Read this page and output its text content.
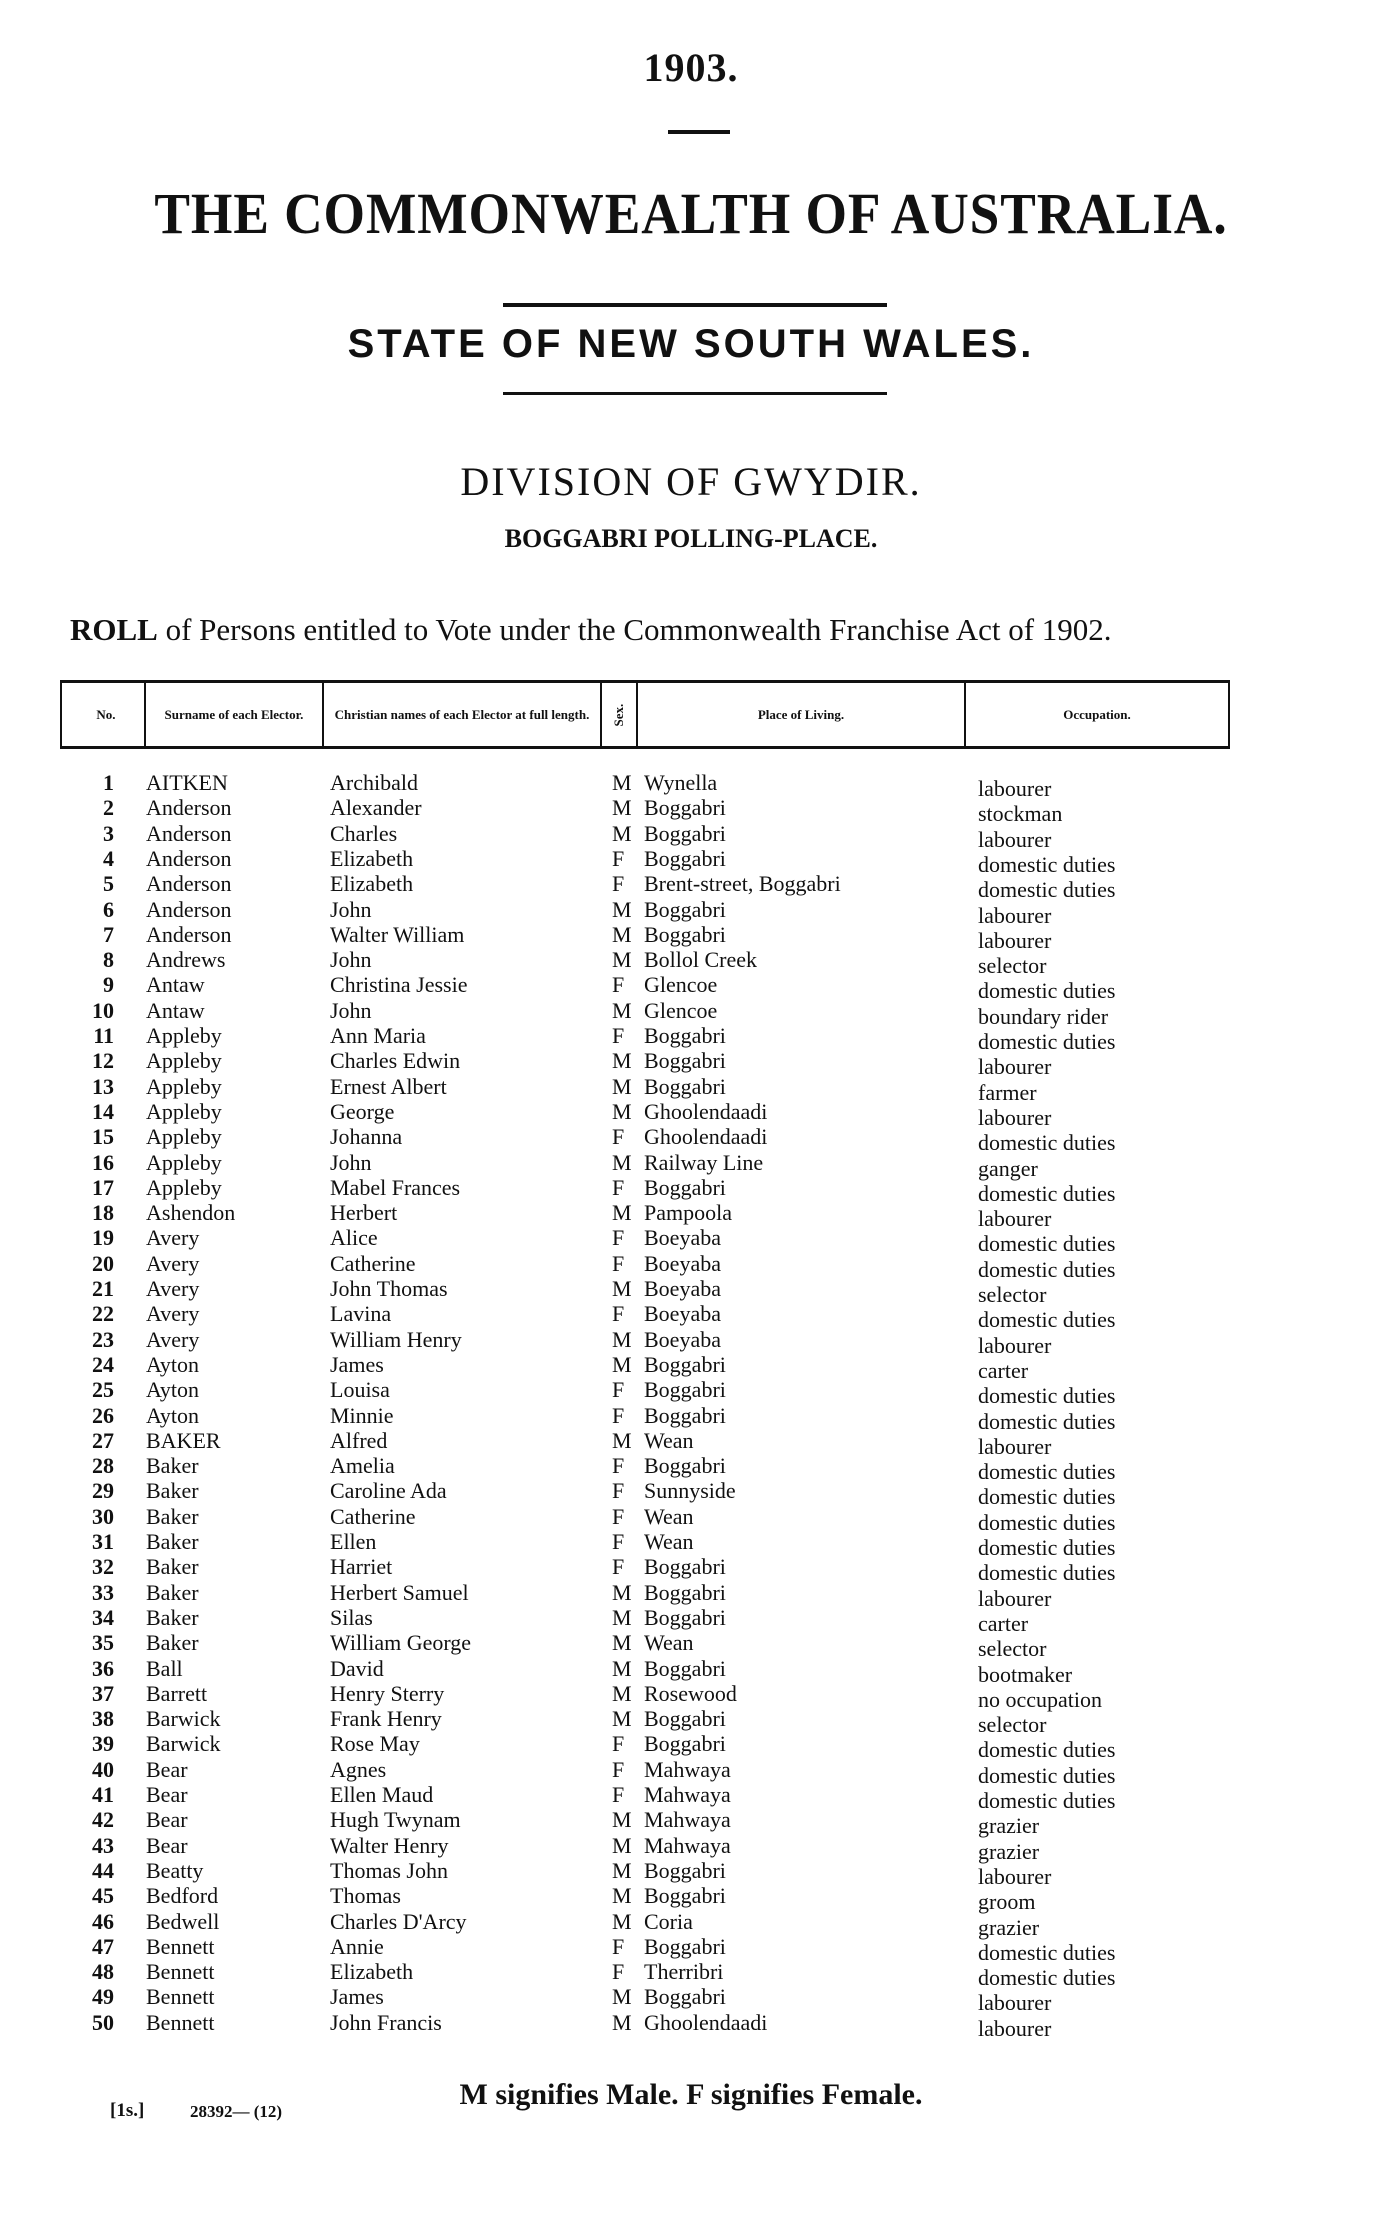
1903.
THE COMMONWEALTH OF AUSTRALIA.
STATE OF NEW SOUTH WALES.
DIVISION OF GWYDIR.
BOGGABRI POLLING-PLACE.
ROLL of Persons entitled to Vote under the Commonwealth Franchise Act of 1902.
No.	Surname of each Elector.	Christian names of each Elector at full length.	Sex.	Place of Living.	Occupation.
1 AITKEN	Archibald	M Wynella	labourer
2 Anderson	Alexander	M Boggabri	stockman
3 Anderson	Charles	M Boggabri	labourer
4 Anderson	Elizabeth	F Boggabri	domestic duties
5 Anderson	Elizabeth	F Brent-street, Boggabri	domestic duties
6 Anderson	John	M Boggabri	labourer
7 Anderson	Walter William	M Boggabri	labourer
8 Andrews	John	M Bollol Creek	selector
9 Antaw	Christina Jessie	F Glencoe	domestic duties
10 Antaw	John	M Glencoe	boundary rider
11 Appleby	Ann Maria	F Boggabri	domestic duties
12 Appleby	Charles Edwin	M Boggabri	labourer
13 Appleby	Ernest Albert	M Boggabri	farmer
14 Appleby	George	M Ghoolendaadi	labourer
15 Appleby	Johanna	F Ghoolendaadi	domestic duties
16 Appleby	John	M Railway Line	ganger
17 Appleby	Mabel Frances	F Boggabri	domestic duties
18 Ashendon	Herbert	M Pampoola	labourer
19 Avery	Alice	F Boeyaba	domestic duties
20 Avery	Catherine	F Boeyaba	domestic duties
21 Avery	John Thomas	M Boeyaba	selector
22 Avery	Lavina	F Boeyaba	domestic duties
23 Avery	William Henry	M Boeyaba	labourer
24 Ayton	James	M Boggabri	carter
25 Ayton	Louisa	F Boggabri	domestic duties
26 Ayton	Minnie	F Boggabri	domestic duties
27 BAKER	Alfred	M Wean	labourer
28 Baker	Amelia	F Boggabri	domestic duties
29 Baker	Caroline Ada	F Sunnyside	domestic duties
30 Baker	Catherine	F Wean	domestic duties
31 Baker	Ellen	F Wean	domestic duties
32 Baker	Harriet	F Boggabri	domestic duties
33 Baker	Herbert Samuel	M Boggabri	labourer
34 Baker	Silas	M Boggabri	carter
35 Baker	William George	M Wean	selector
36 Ball	David	M Boggabri	bootmaker
37 Barrett	Henry Sterry	M Rosewood	no occupation
38 Barwick	Frank Henry	M Boggabri	selector
39 Barwick	Rose May	F Boggabri	domestic duties
40 Bear	Agnes	F Mahwaya	domestic duties
41 Bear	Ellen Maud	F Mahwaya	domestic duties
42 Bear	Hugh Twynam	M Mahwaya	grazier
43 Bear	Walter Henry	M Mahwaya	grazier
44 Beatty	Thomas John	M Boggabri	labourer
45 Bedford	Thomas	M Boggabri	groom
46 Bedwell	Charles D'Arcy	M Coria	grazier
47 Bennett	Annie	F Boggabri	domestic duties
48 Bennett	Elizabeth	F Therribri	domestic duties
49 Bennett	James	M Boggabri	labourer
50 Bennett	John Francis	M Ghoolendaadi	labourer
M signifies Male. F signifies Female.
[1s.]	28392— (12)
